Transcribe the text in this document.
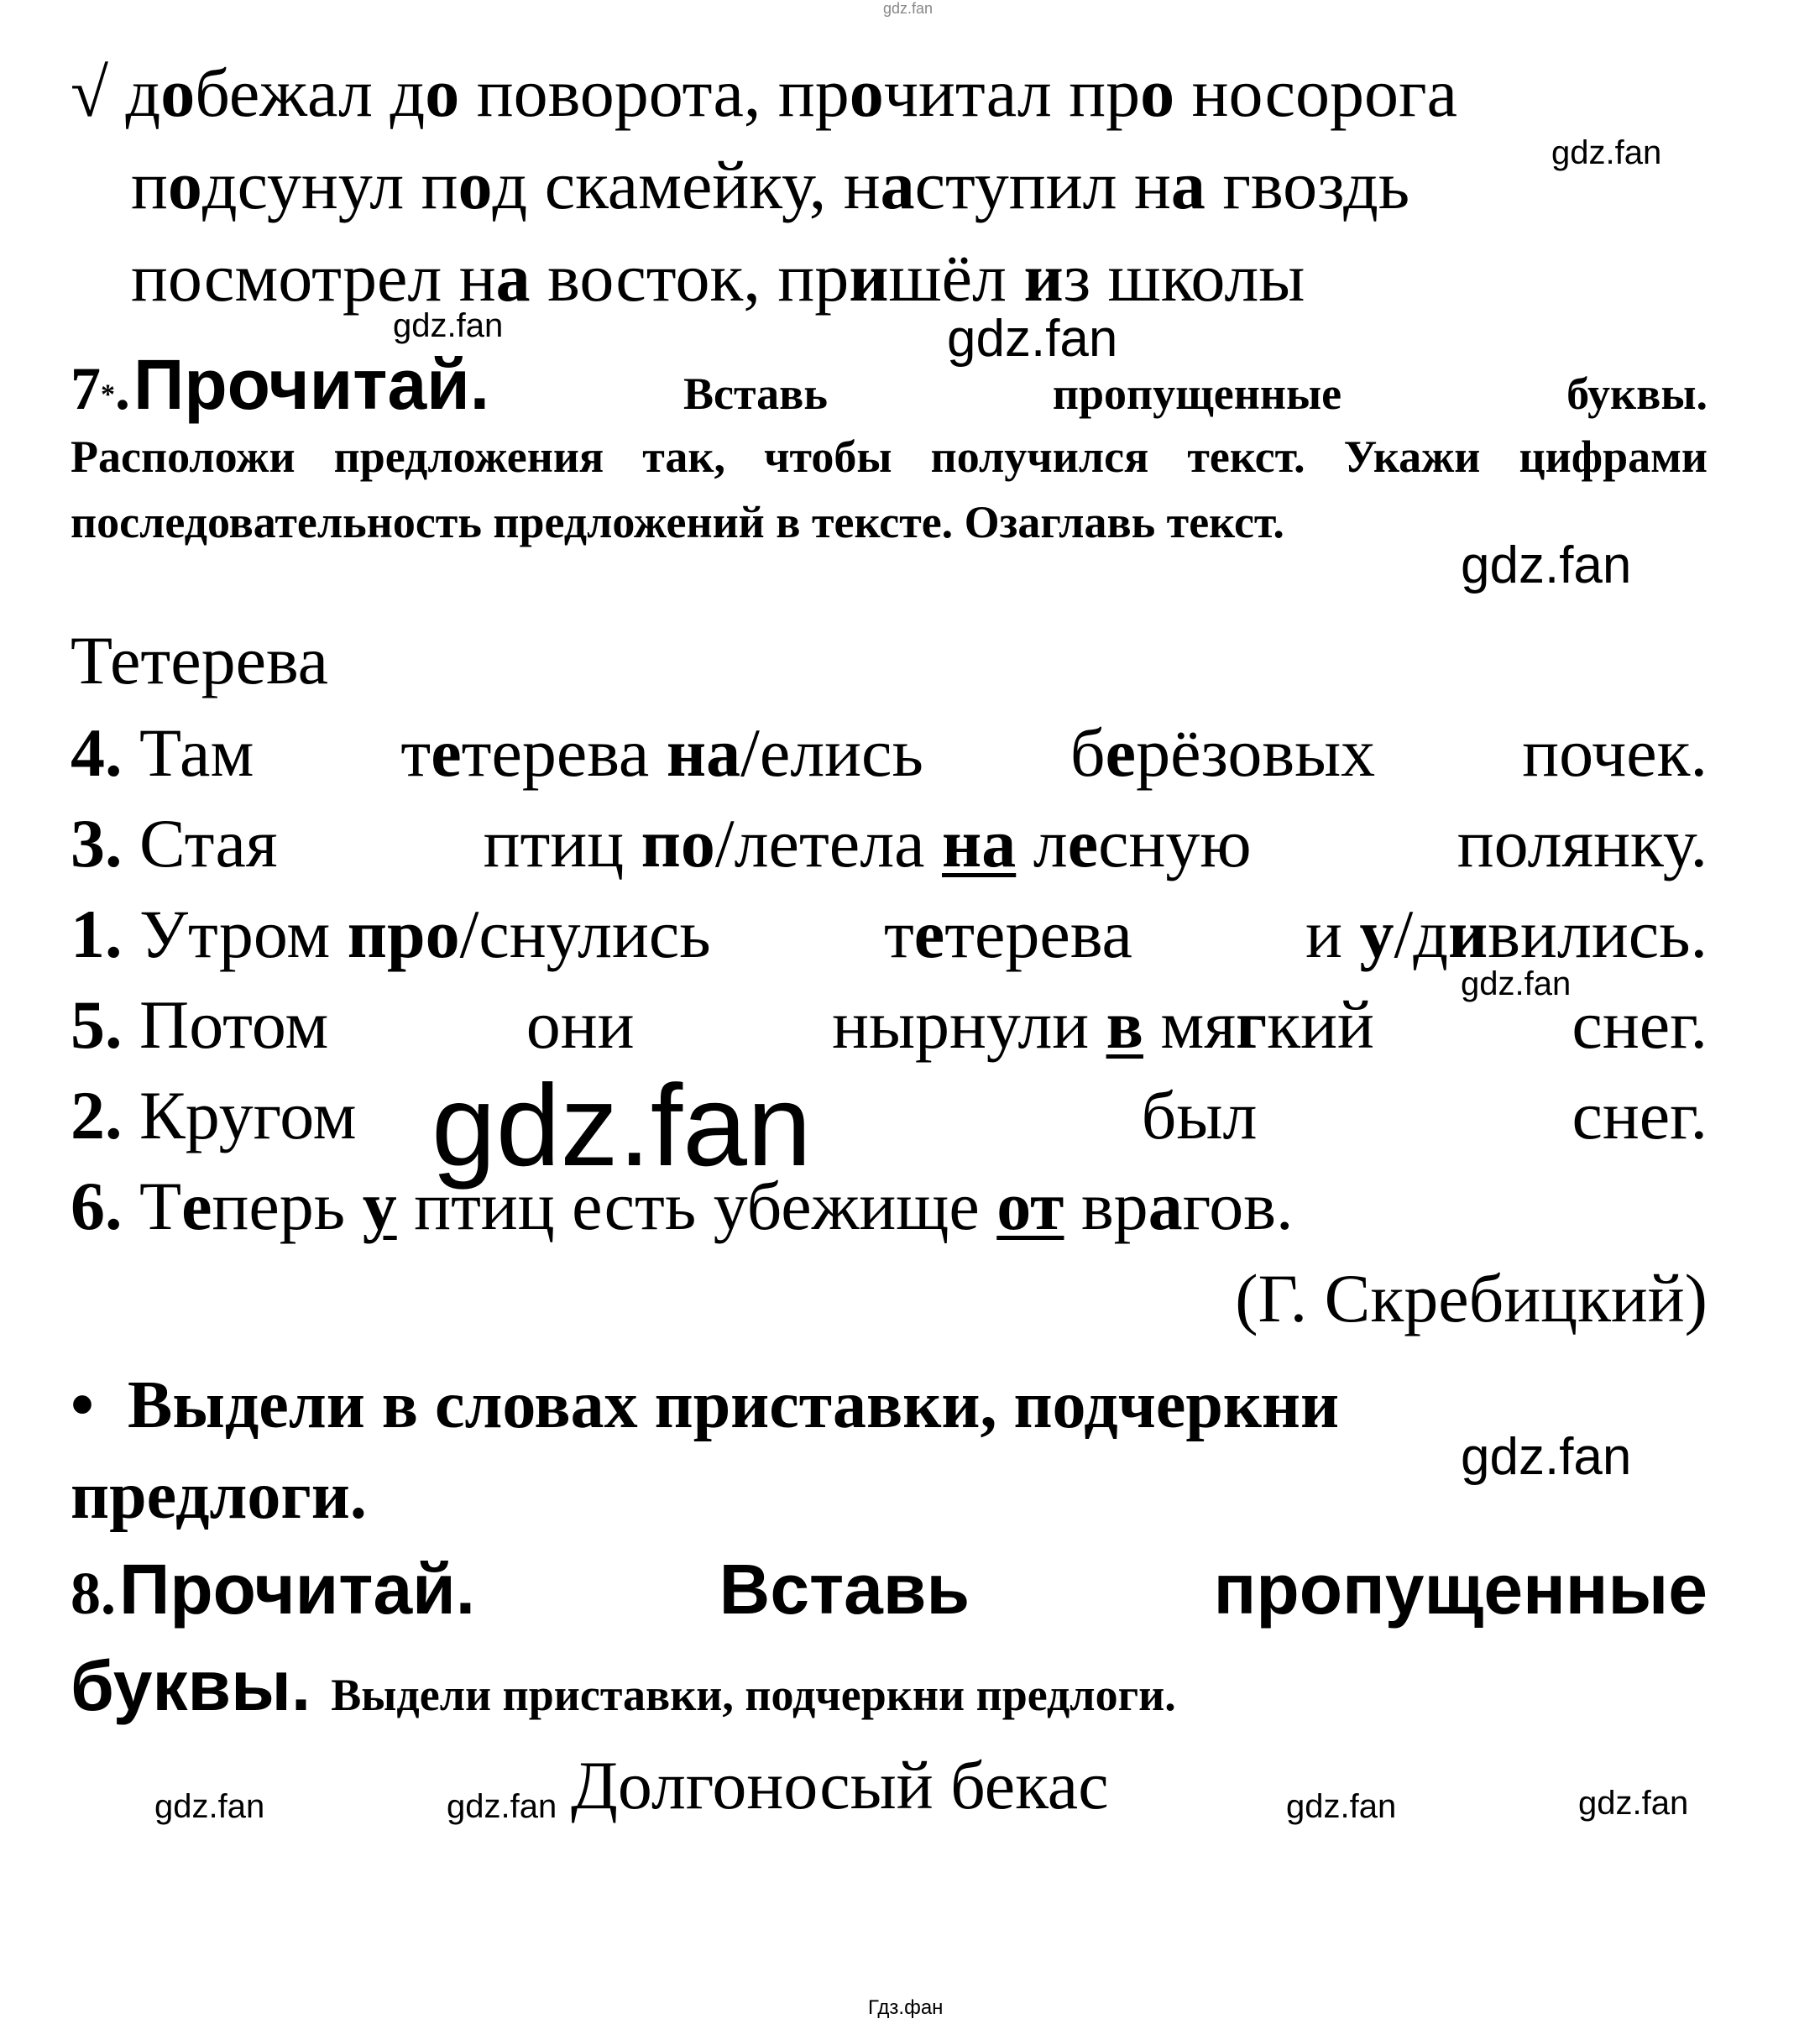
gdz.fan
√ добежал до поворота, прочитал про носорога
подсунул под скамейку, наступил на гвоздь
посмотрел на восток, пришёл из школы
7*. Прочитай.	Вставь пропущенные буквы.
Расположи предложения так, чтобы получился текст. Укажи цифрами последовательность предложений в тексте. Озаглавь текст.
Тетерева
4. Там тетерева на/елись берёзовых почек.
3. Стая	птиц по/летела на лесную	полянку.
1. Утром про/снулись	тетерева	и у/дивились.
5. Потом	они	нырнули в мягкий	снег.
2. Кругом	был	снег.
6. Теперь у птиц есть убежище от врагов.
(Г. Скребицкий)
• Выдели в словах приставки, подчеркни
предлоги.
8. Прочитай.	Вставь	пропущенные
буквы. Выдели приставки, подчеркни предлоги.
Долгоносый бекас
gdz.fan
gdz.fan
gdz.fan
gdz.fan
gdz.fan
gdz.fan
gdz.fan
gdz.fan	gdz.fan	gdz.fan	gdz.fan
Гдз.фан
